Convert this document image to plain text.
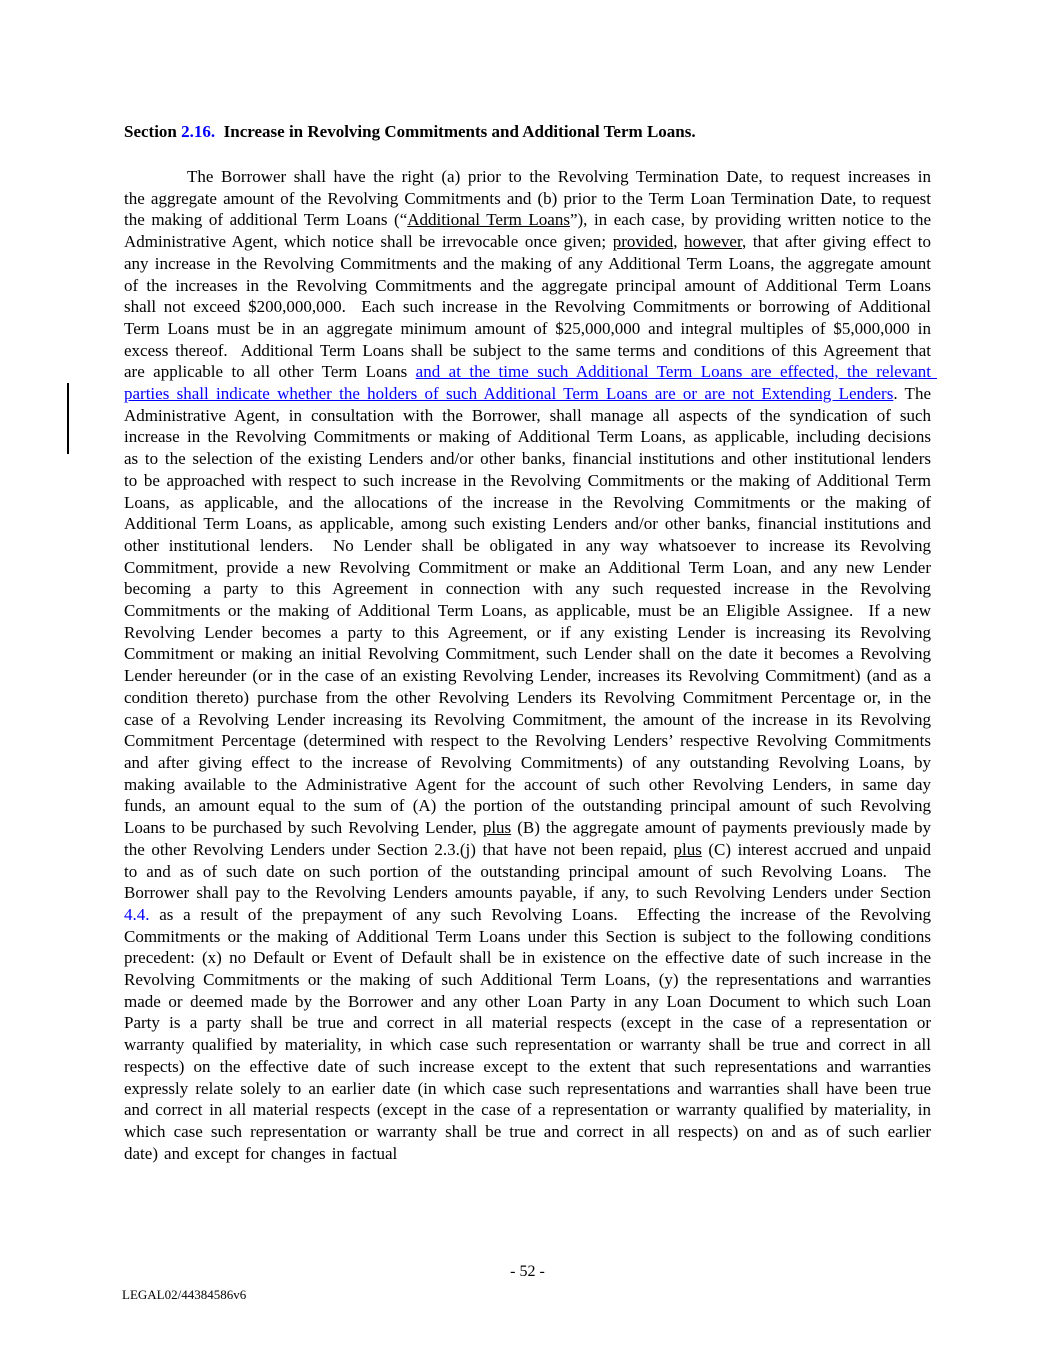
Section 2.16.  Increase in Revolving Commitments and Additional Term Loans.

The Borrower shall have the right (a) prior to the Revolving Termination Date, to request increases in the aggregate amount of the Revolving Commitments and (b) prior to the Term Loan Termination Date, to request the making of additional Term Loans (“Additional Term Loans”), in each case, by providing written notice to the Administrative Agent, which notice shall be irrevocable once given; provided, however, that after giving effect to any increase in the Revolving Commitments and the making of any Additional Term Loans, the aggregate amount of the increases in the Revolving Commitments and the aggregate principal amount of Additional Term Loans shall not exceed $200,000,000.  Each such increase in the Revolving Commitments or borrowing of Additional Term Loans must be in an aggregate minimum amount of $25,000,000 and integral multiples of $5,000,000 in excess thereof.  Additional Term Loans shall be subject to the same terms and conditions of this Agreement that are applicable to all other Term Loans and at the time such Additional Term Loans are effected, the relevant parties shall indicate whether the holders of such Additional Term Loans are or are not Extending Lenders. The Administrative Agent, in consultation with the Borrower, shall manage all aspects of the syndication of such increase in the Revolving Commitments or making of Additional Term Loans, as applicable, including decisions as to the selection of the existing Lenders and/or other banks, financial institutions and other institutional lenders to be approached with respect to such increase in the Revolving Commitments or the making of Additional Term Loans, as applicable, and the allocations of the increase in the Revolving Commitments or the making of Additional Term Loans, as applicable, among such existing Lenders and/or other banks, financial institutions and other institutional lenders.  No Lender shall be obligated in any way whatsoever to increase its Revolving Commitment, provide a new Revolving Commitment or make an Additional Term Loan, and any new Lender becoming a party to this Agreement in connection with any such requested increase in the Revolving Commitments or the making of Additional Term Loans, as applicable, must be an Eligible Assignee.  If a new Revolving Lender becomes a party to this Agreement, or if any existing Lender is increasing its Revolving Commitment or making an initial Revolving Commitment, such Lender shall on the date it becomes a Revolving Lender hereunder (or in the case of an existing Revolving Lender, increases its Revolving Commitment) (and as a condition thereto) purchase from the other Revolving Lenders its Revolving Commitment Percentage or, in the case of a Revolving Lender increasing its Revolving Commitment, the amount of the increase in its Revolving Commitment Percentage (determined with respect to the Revolving Lenders’ respective Revolving Commitments and after giving effect to the increase of Revolving Commitments) of any outstanding Revolving Loans, by making available to the Administrative Agent for the account of such other Revolving Lenders, in same day funds, an amount equal to the sum of (A) the portion of the outstanding principal amount of such Revolving Loans to be purchased by such Revolving Lender, plus (B) the aggregate amount of payments previously made by the other Revolving Lenders under Section 2.3.(j) that have not been repaid, plus (C) interest accrued and unpaid to and as of such date on such portion of the outstanding principal amount of such Revolving Loans.  The Borrower shall pay to the Revolving Lenders amounts payable, if any, to such Revolving Lenders under Section 4.4. as a result of the prepayment of any such Revolving Loans.  Effecting the increase of the Revolving Commitments or the making of Additional Term Loans under this Section is subject to the following conditions precedent: (x) no Default or Event of Default shall be in existence on the effective date of such increase in the Revolving Commitments or the making of such Additional Term Loans, (y) the representations and warranties made or deemed made by the Borrower and any other Loan Party in any Loan Document to which such Loan Party is a party shall be true and correct in all material respects (except in the case of a representation or warranty qualified by materiality, in which case such representation or warranty shall be true and correct in all respects) on the effective date of such increase except to the extent that such representations and warranties expressly relate solely to an earlier date (in which case such representations and warranties shall have been true and correct in all material respects (except in the case of a representation or warranty qualified by materiality, in which case such representation or warranty shall be true and correct in all respects) on and as of such earlier date) and except for changes in factual

- 52 -
LEGAL02/44384586v6
